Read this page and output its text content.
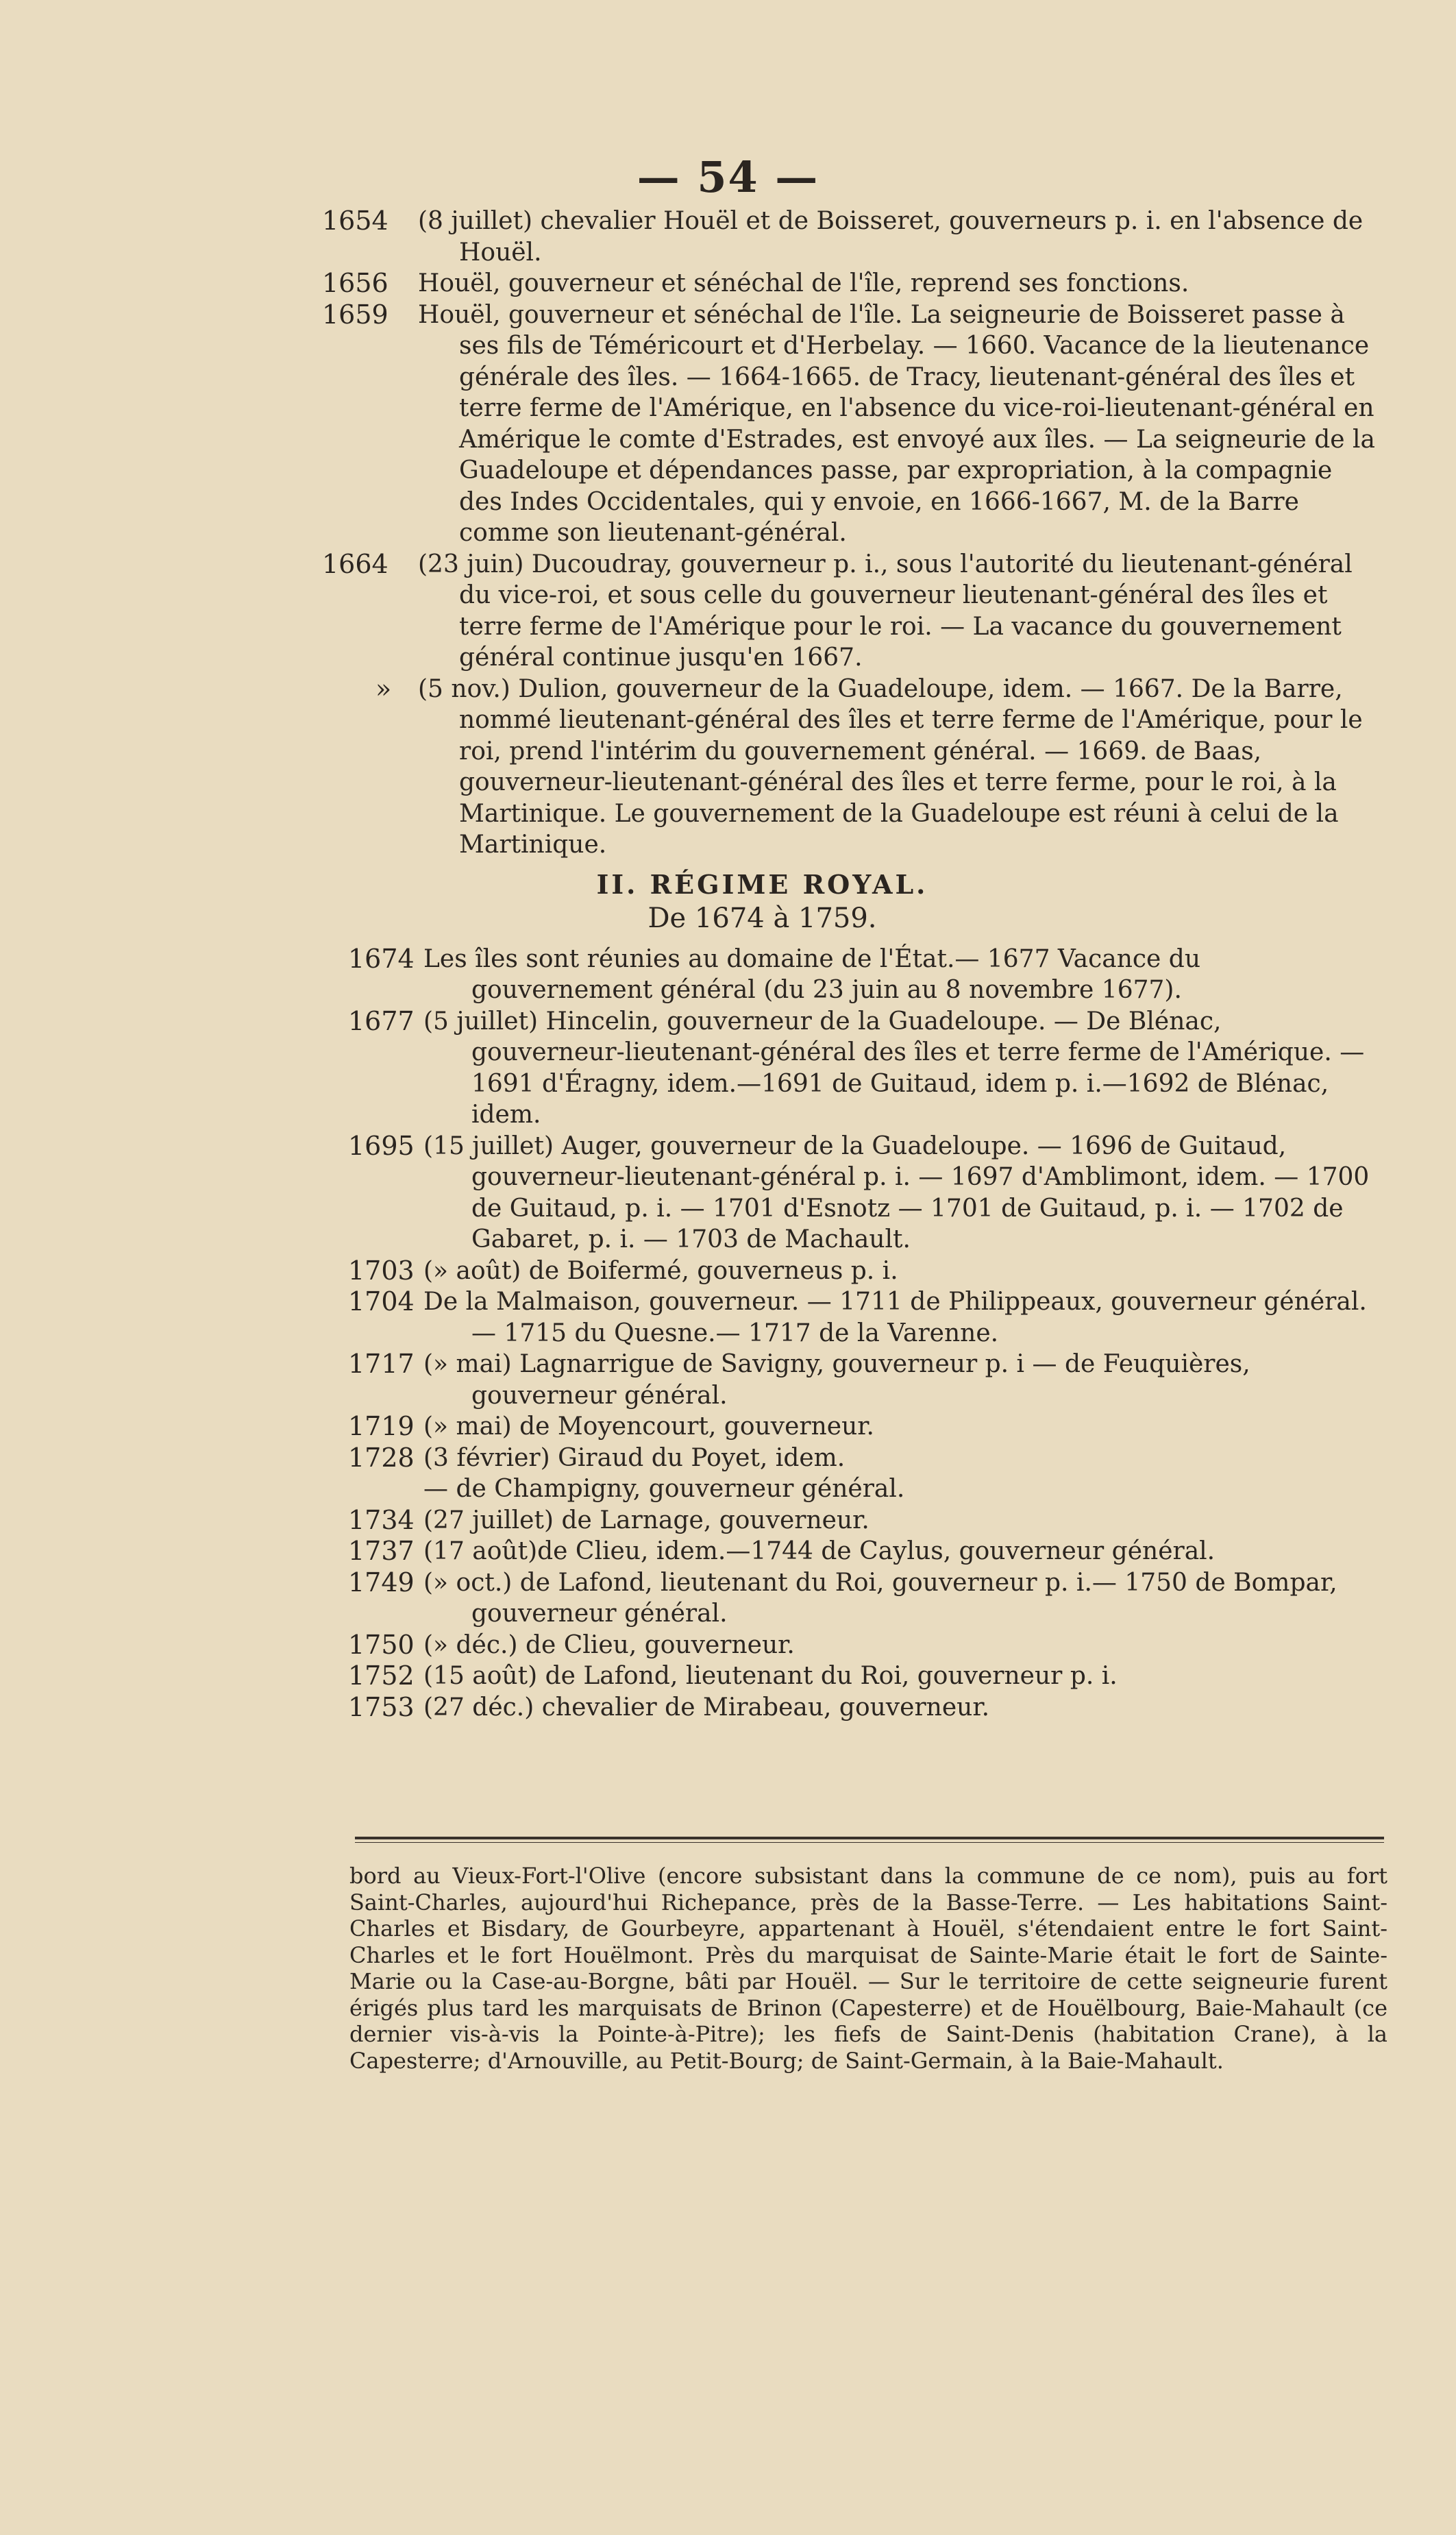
— 54 —
1654	(8 juillet) chevalier Houël et de Boisseret, gouverneurs p. i. en l'absence de Houël.
1656	Houël, gouverneur et sénéchal de l'île, reprend ses fonctions.
1659	Houël, gouverneur et sénéchal de l'île. La seigneurie de Boisseret passe à ses fils de Téméricourt et d'Herbelay. — 1660. Vacance de la lieutenance générale des îles. — 1664-1665. de Tracy, lieutenant-général des îles et terre ferme de l'Amérique, en l'absence du vice-roi-lieutenant-général en Amérique le comte d'Estrades, est envoyé aux îles. — La seigneurie de la Guadeloupe et dépendances passe, par expropriation, à la compagnie des Indes Occidentales, qui y envoie, en 1666-1667, M. de la Barre comme son lieutenant-général.
1664	(23 juin) Ducoudray, gouverneur p. i., sous l'autorité du lieutenant-général du vice-roi, et sous celle du gouverneur lieutenant-général des îles et terre ferme de l'Amérique pour le roi. — La vacance du gouvernement général continue jusqu'en 1667.
»	(5 nov.) Dulion, gouverneur de la Guadeloupe, idem. — 1667. De la Barre, nommé lieutenant-général des îles et terre ferme de l'Amérique, pour le roi, prend l'intérim du gouvernement général. — 1669. de Baas, gouverneur-lieutenant-général des îles et terre ferme, pour le roi, à la Martinique. Le gouvernement de la Guadeloupe est réuni à celui de la Martinique.
II. RÉGIME ROYAL.
De 1674 à 1759.
1674 Les îles sont réunies au domaine de l'État.— 1677 Vacance du gouvernement général (du 23 juin au 8 novembre 1677).
1677 (5 juillet) Hincelin, gouverneur de la Guadeloupe. — De Blénac, gouverneur-lieutenant-général des îles et terre ferme de l'Amérique. — 1691 d'Éragny, idem.—1691 de Guitaud, idem p. i.—1692 de Blénac, idem.
1695 (15 juillet) Auger, gouverneur de la Guadeloupe. — 1696 de Guitaud, gouverneur-lieutenant-général p. i. — 1697 d'Amblimont, idem. — 1700 de Guitaud, p. i. — 1701 d'Esnotz — 1701 de Guitaud, p. i. — 1702 de Gabaret, p. i. — 1703 de Machault.
1703 (» août) de Boifermé, gouverneus p. i.
1704 De la Malmaison, gouverneur. — 1711 de Philippeaux, gouverneur général. — 1715 du Quesne.— 1717 de la Varenne.
1717 (» mai) Lagnarrigue de Savigny, gouverneur p. i — de Feuquières, gouverneur général.
1719 (» mai) de Moyencourt, gouverneur.
1728 (3 février) Giraud du Poyet, idem.
— de Champigny, gouverneur général.
1734 (27 juillet) de Larnage, gouverneur.
1737 (17 août)de Clieu, idem.—1744 de Caylus, gouverneur général.
1749 (» oct.) de Lafond, lieutenant du Roi, gouverneur p. i.— 1750 de Bompar, gouverneur général.
1750 (» déc.) de Clieu, gouverneur.
1752 (15 août) de Lafond, lieutenant du Roi, gouverneur p. i.
1753 (27 déc.) chevalier de Mirabeau, gouverneur.
bord au Vieux-Fort-l'Olive (encore subsistant dans la commune de ce nom), puis au fort Saint-Charles, aujourd'hui Richepance, près de la Basse-Terre. — Les habitations Saint-Charles et Bisdary, de Gourbeyre, appartenant à Houël, s'étendaient entre le fort Saint-Charles et le fort Houëlmont. Près du marquisat de Sainte-Marie était le fort de Sainte-Marie ou la Case-au-Borgne, bâti par Houël. — Sur le territoire de cette seigneurie furent érigés plus tard les marquisats de Brinon (Capesterre) et de Houëlbourg, Baie-Mahault (ce dernier vis-à-vis la Pointe-à-Pitre); les fiefs de Saint-Denis (habitation Crane), à la Capesterre; d'Arnouville, au Petit-Bourg; de Saint-Germain, à la Baie-Mahault.
